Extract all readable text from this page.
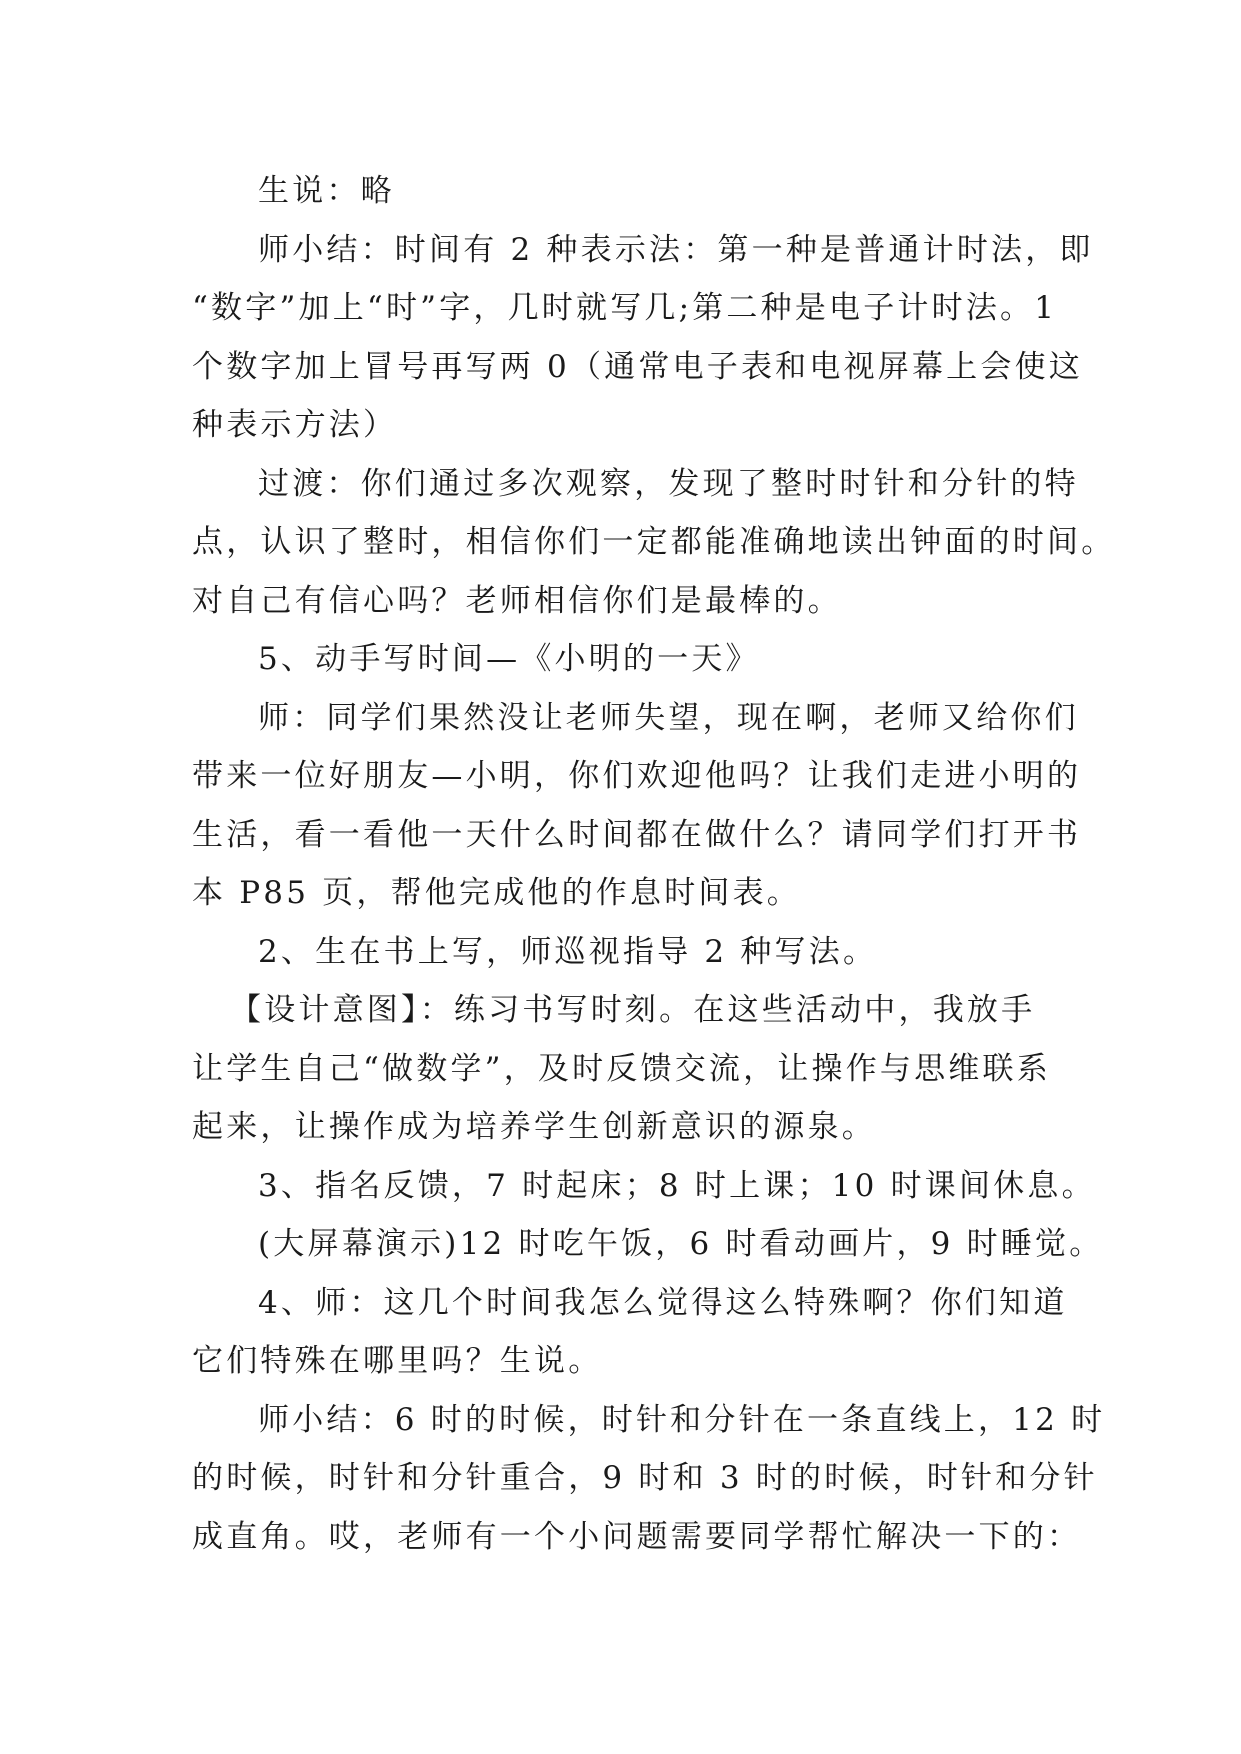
生说：略

师小结：时间有 2 种表示法：第一种是普通计时法，即
“数字”加上“时”字，几时就写几;第二种是电子计时法。1
个数字加上冒号再写两 0（通常电子表和电视屏幕上会使这
种表示方法）

过渡：你们通过多次观察，发现了整时时针和分针的特
点，认识了整时，相信你们一定都能准确地读出钟面的时间。
对自己有信心吗？老师相信你们是最棒的。

5、动手写时间—《小明的一天》

师：同学们果然没让老师失望，现在啊，老师又给你们
带来一位好朋友—小明，你们欢迎他吗？让我们走进小明的
生活，看一看他一天什么时间都在做什么？请同学们打开书
本 P85 页，帮他完成他的作息时间表。

2、生在书上写，师巡视指导 2 种写法。

【设计意图】：练习书写时刻。在这些活动中，我放手
让学生自己“做数学”，及时反馈交流，让操作与思维联系
起来，让操作成为培养学生创新意识的源泉。

3、指名反馈，7 时起床；8 时上课；10 时课间休息。

(大屏幕演示)12 时吃午饭，6 时看动画片，9 时睡觉。

4、师：这几个时间我怎么觉得这么特殊啊？你们知道
它们特殊在哪里吗？生说。

师小结：6 时的时候，时针和分针在一条直线上，12 时
的时候，时针和分针重合，9 时和 3 时的时候，时针和分针
成直角。哎，老师有一个小问题需要同学帮忙解决一下的：
